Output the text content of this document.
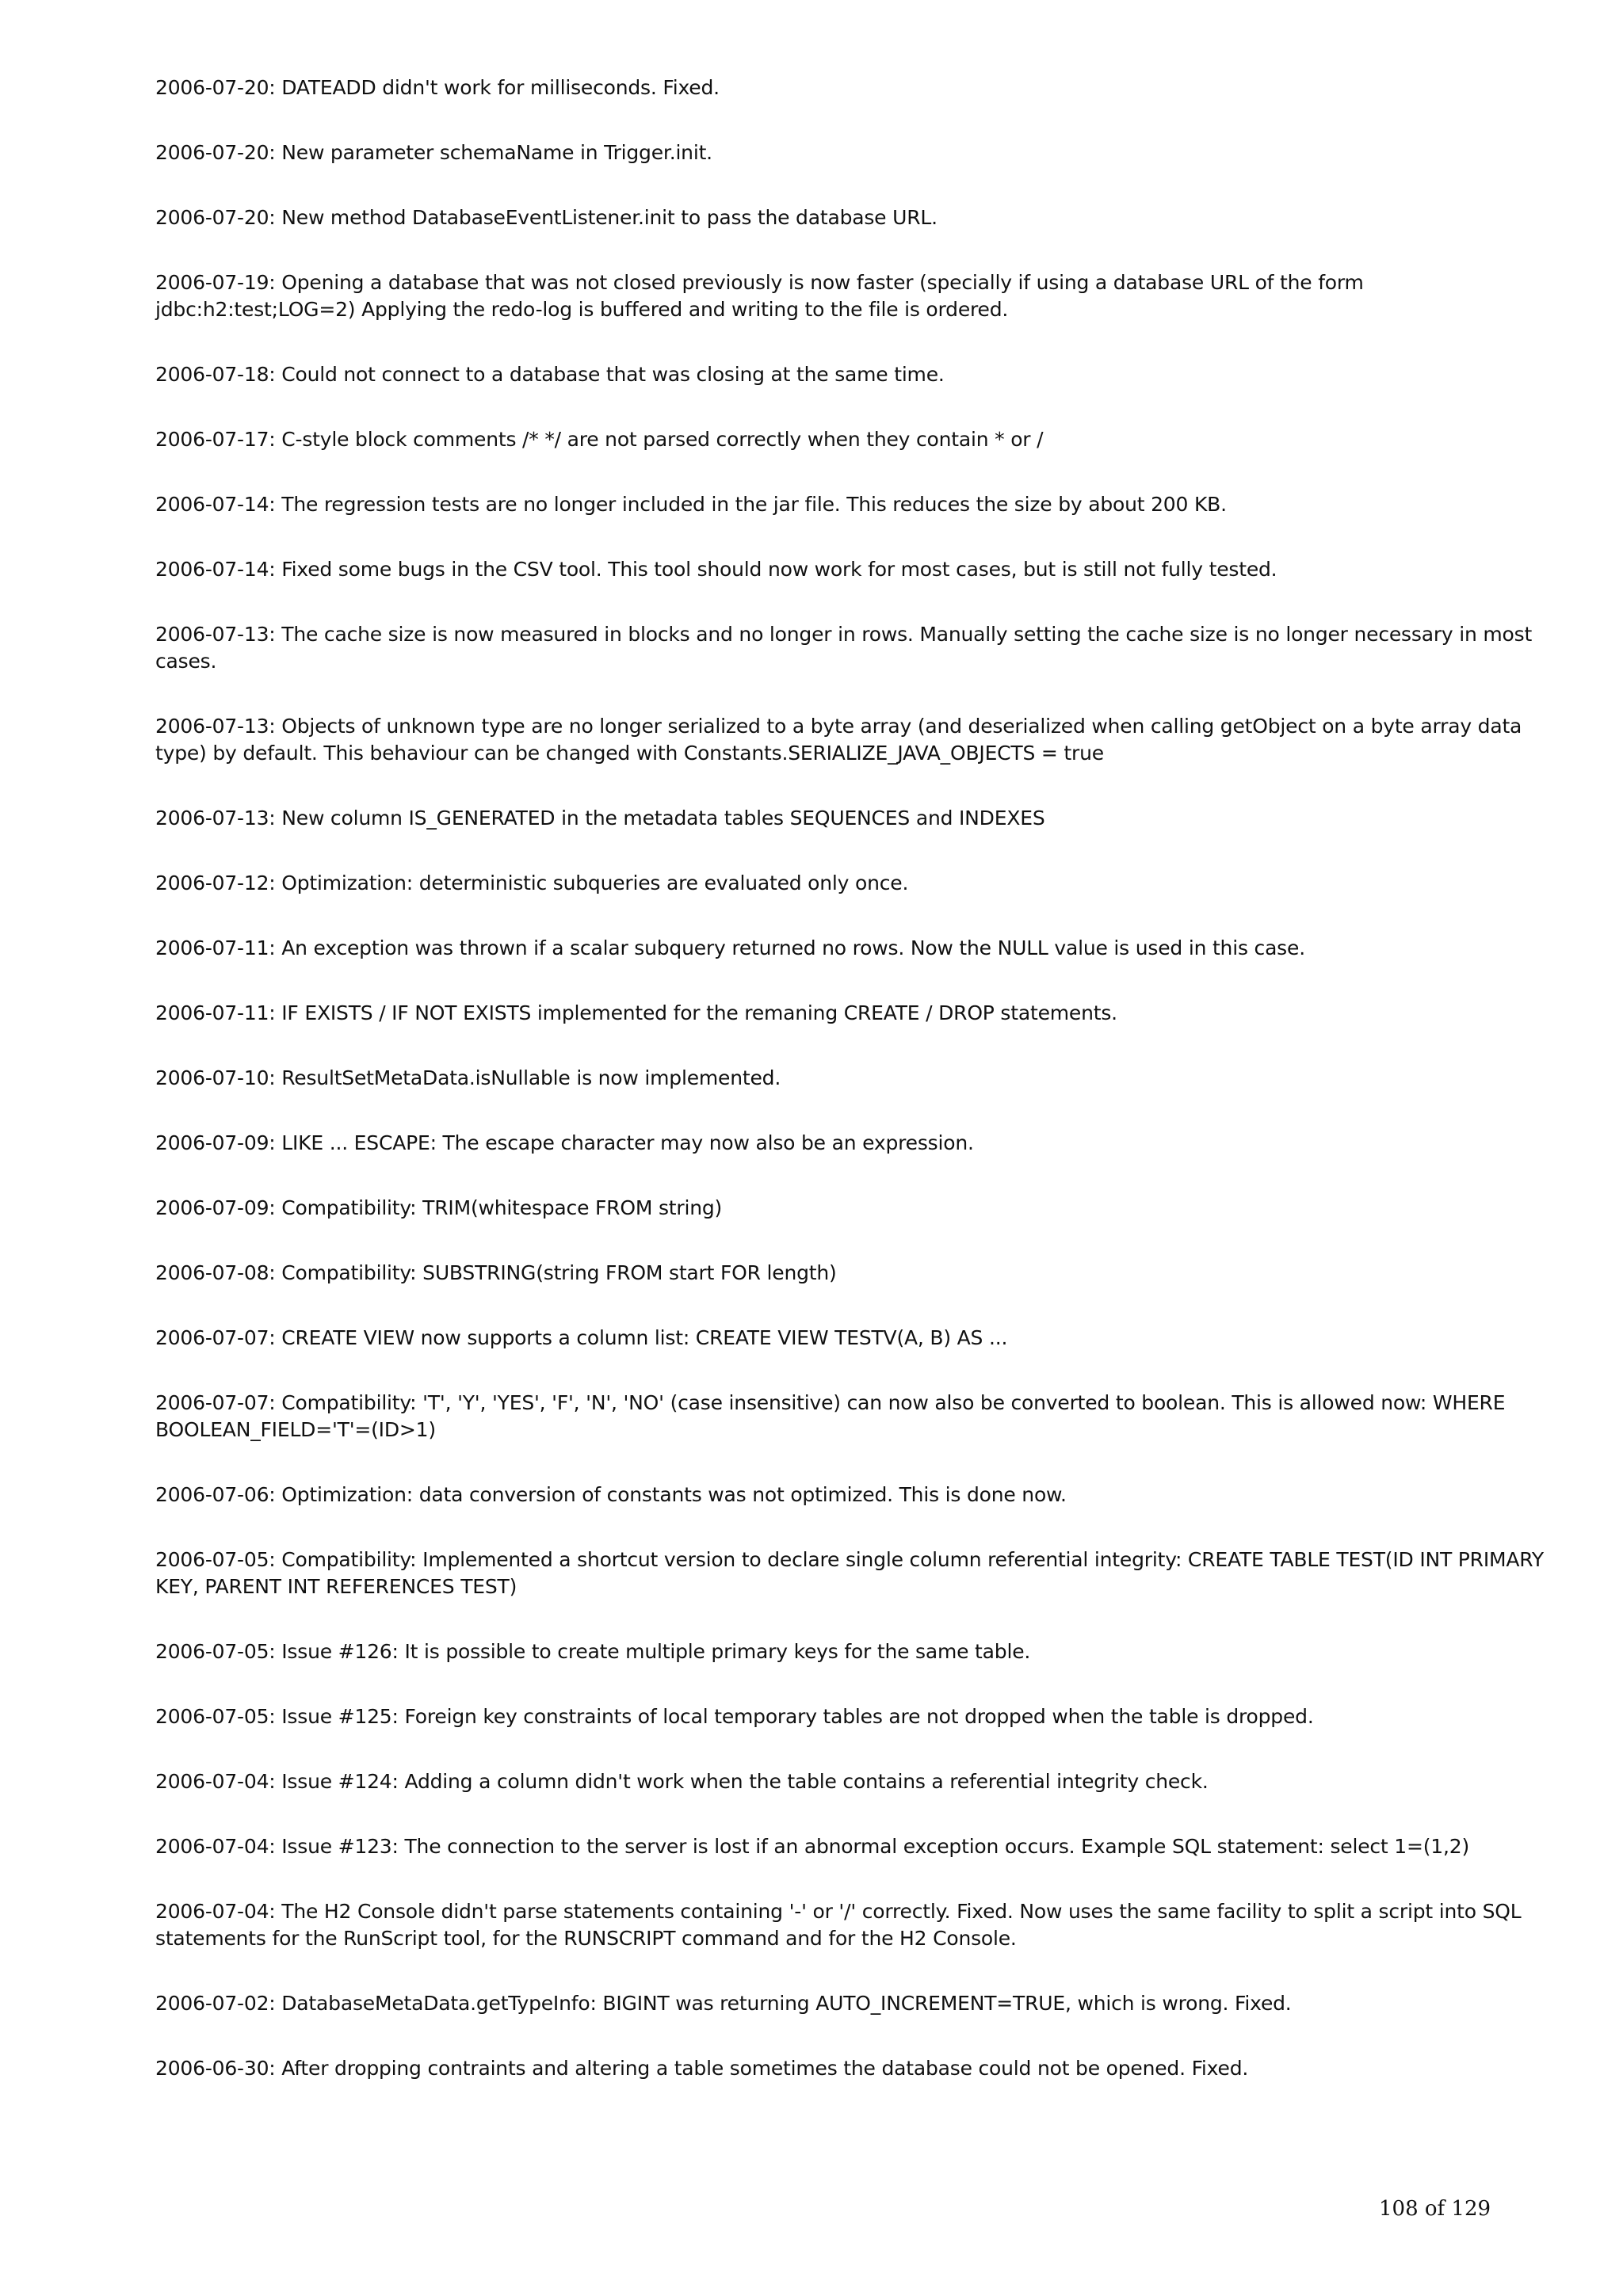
2006-07-20: DATEADD didn't work for milliseconds. Fixed.

2006-07-20: New parameter schemaName in Trigger.init.

2006-07-20: New method DatabaseEventListener.init to pass the database URL.

2006-07-19: Opening a database that was not closed previously is now faster (specially if using a database URL of the form jdbc:h2:test;LOG=2) Applying the redo-log is buffered and writing to the file is ordered.

2006-07-18: Could not connect to a database that was closing at the same time.

2006-07-17: C-style block comments /* */ are not parsed correctly when they contain * or /

2006-07-14: The regression tests are no longer included in the jar file. This reduces the size by about 200 KB.

2006-07-14: Fixed some bugs in the CSV tool. This tool should now work for most cases, but is still not fully tested.

2006-07-13: The cache size is now measured in blocks and no longer in rows. Manually setting the cache size is no longer necessary in most cases.

2006-07-13: Objects of unknown type are no longer serialized to a byte array (and deserialized when calling getObject on a byte array data type) by default. This behaviour can be changed with Constants.SERIALIZE_JAVA_OBJECTS = true

2006-07-13: New column IS_GENERATED in the metadata tables SEQUENCES and INDEXES

2006-07-12: Optimization: deterministic subqueries are evaluated only once.

2006-07-11: An exception was thrown if a scalar subquery returned no rows. Now the NULL value is used in this case.

2006-07-11: IF EXISTS / IF NOT EXISTS implemented for the remaning CREATE / DROP statements.

2006-07-10: ResultSetMetaData.isNullable is now implemented.

2006-07-09: LIKE ... ESCAPE: The escape character may now also be an expression.

2006-07-09: Compatibility: TRIM(whitespace FROM string)

2006-07-08: Compatibility: SUBSTRING(string FROM start FOR length)

2006-07-07: CREATE VIEW now supports a column list: CREATE VIEW TESTV(A, B) AS ...

2006-07-07: Compatibility: 'T', 'Y', 'YES', 'F', 'N', 'NO' (case insensitive) can now also be converted to boolean. This is allowed now: WHERE BOOLEAN_FIELD='T'=(ID>1)

2006-07-06: Optimization: data conversion of constants was not optimized. This is done now.

2006-07-05: Compatibility: Implemented a shortcut version to declare single column referential integrity: CREATE TABLE TEST(ID INT PRIMARY KEY, PARENT INT REFERENCES TEST)

2006-07-05: Issue #126: It is possible to create multiple primary keys for the same table.

2006-07-05: Issue #125: Foreign key constraints of local temporary tables are not dropped when the table is dropped.

2006-07-04: Issue #124: Adding a column didn't work when the table contains a referential integrity check.

2006-07-04: Issue #123: The connection to the server is lost if an abnormal exception occurs. Example SQL statement: select 1=(1,2)

2006-07-04: The H2 Console didn't parse statements containing '-' or '/' correctly. Fixed. Now uses the same facility to split a script into SQL statements for the RunScript tool, for the RUNSCRIPT command and for the H2 Console.

2006-07-02: DatabaseMetaData.getTypeInfo: BIGINT was returning AUTO_INCREMENT=TRUE, which is wrong. Fixed.

2006-06-30: After dropping contraints and altering a table sometimes the database could not be opened. Fixed.

108 of 129
